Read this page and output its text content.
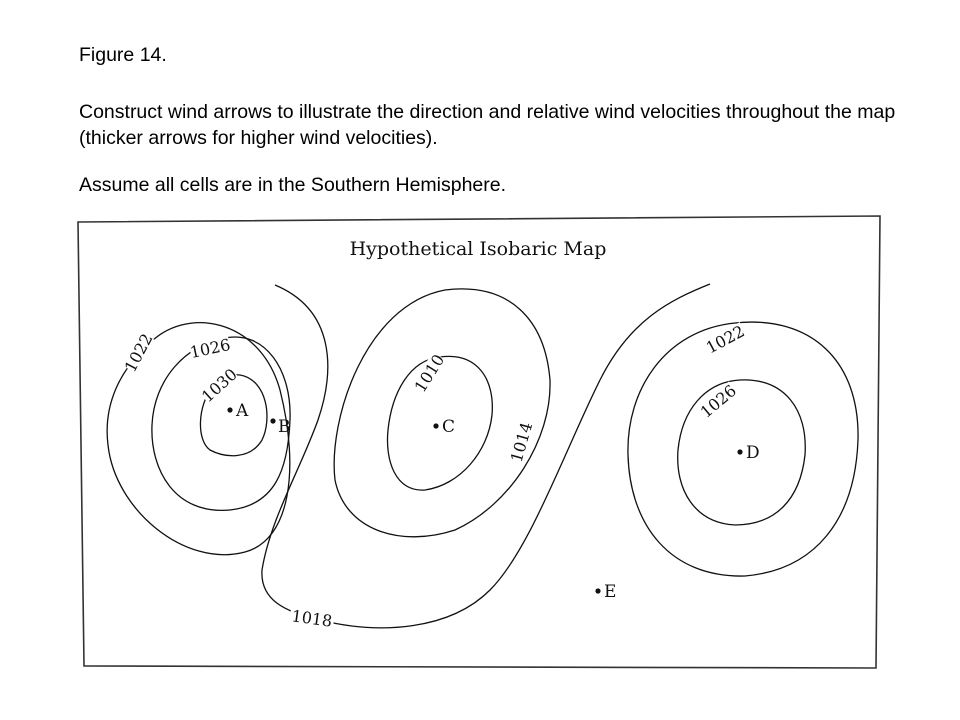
Figure 14.

Construct wind arrows to illustrate the direction and relative wind velocities throughout the map (thicker arrows for higher wind velocities).

Assume all cells are in the Southern Hemisphere.

Hypothetical Isobaric Map
1022 1026
1030	1010
1014
1018
1022
1026
A
B	C
D
E
